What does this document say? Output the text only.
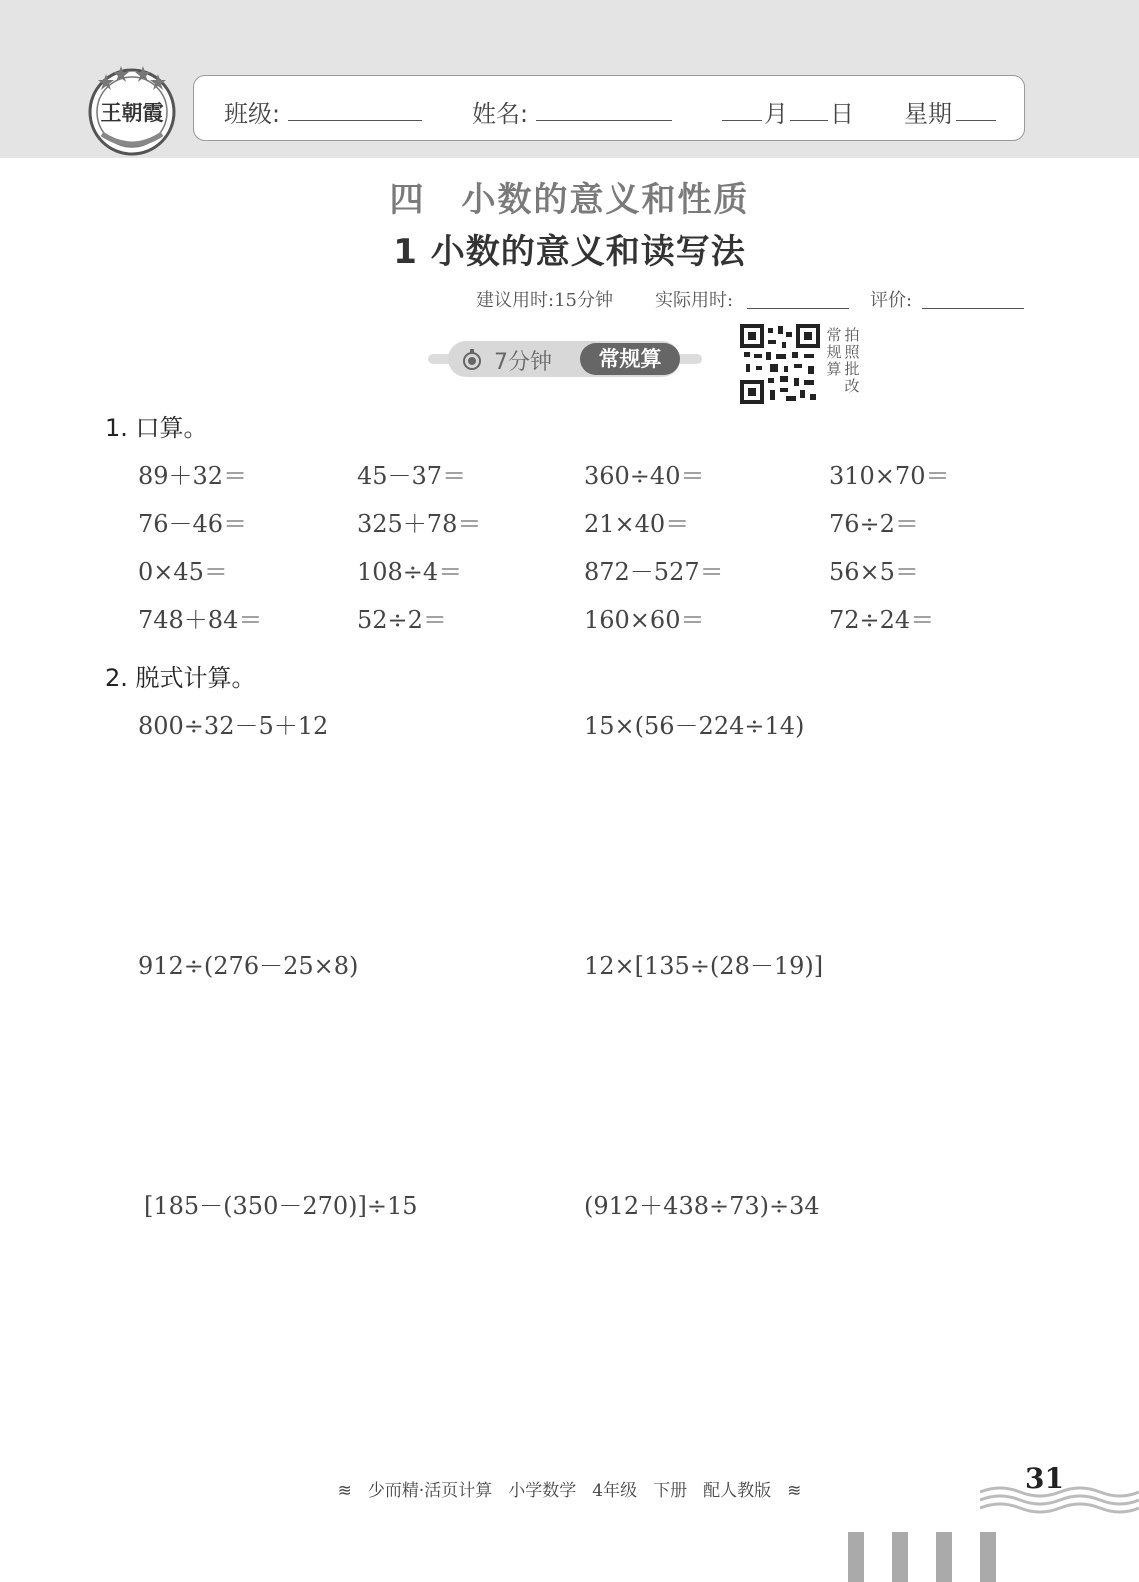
王朝霞	班级:	姓名:	月 日 星期
四　小数的意义和性质
1 小数的意义和读写法
建议用时:15分钟 实际用时:	评价:
7分钟	常规算
常规算
拍照批改
1. 口算。
89＋32＝	45－37＝	360÷40＝	310×70＝
76－46＝	325＋78＝	21×40＝	76÷2＝
0×45＝	108÷4＝	872－527＝	56×5＝
748＋84＝	52÷2＝	160×60＝	72÷24＝
2. 脱式计算。
800÷32－5＋12	15×(56－224÷14)
912÷(276－25×8)	12×[135÷(28－19)]
[185－(350－270)]÷15	(912＋438÷73)÷34
≋ 少而精·活页计算 小学数学 4年级 下册 配人教版 ≋	31
